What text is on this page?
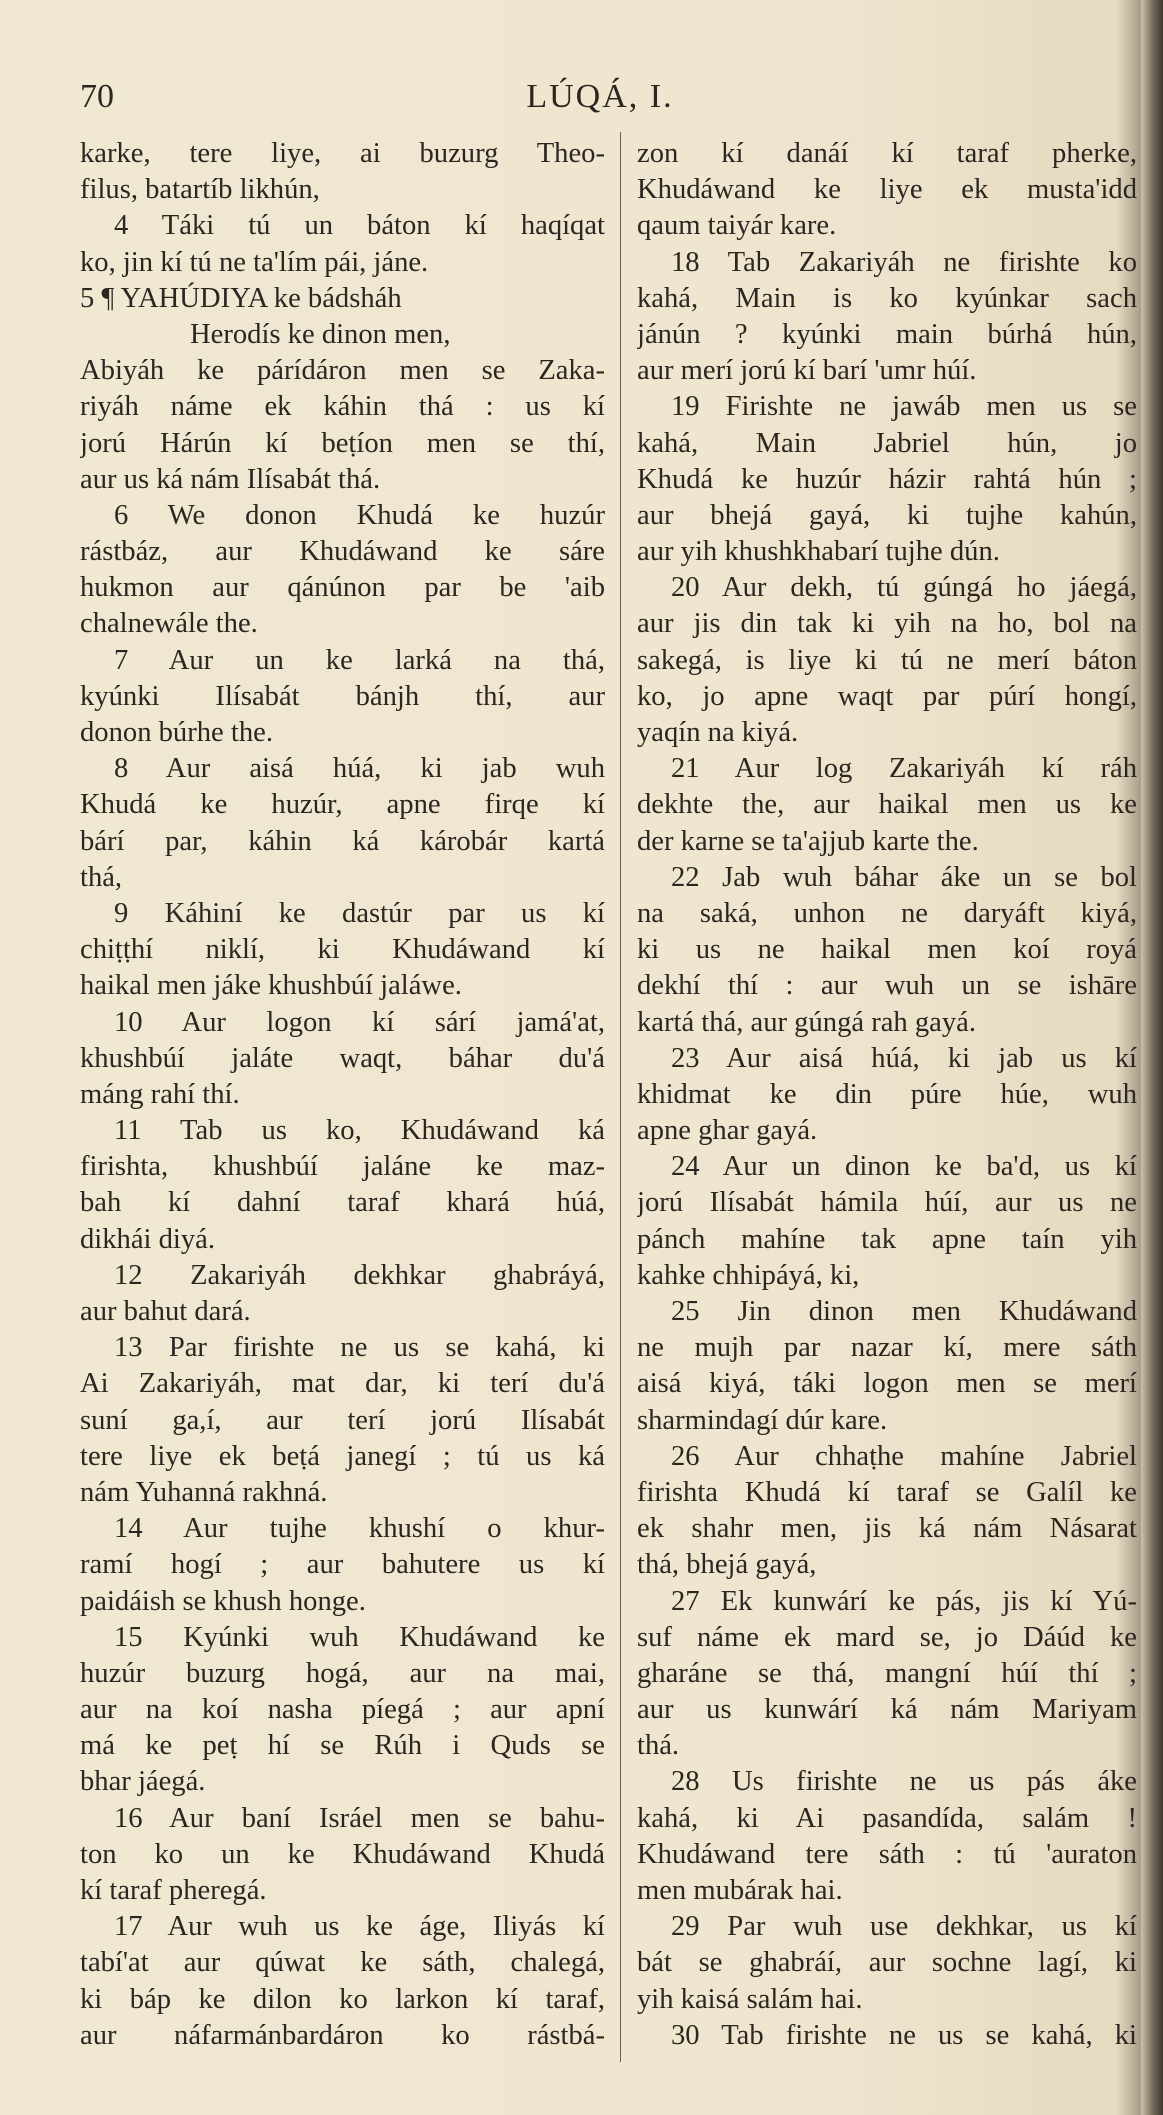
70	LÚQÁ, I.
karke, tere liye, ai buzurg Theo-
filus, batartíb likhún,
4 Táki tú un báton kí haqíqat
ko, jin kí tú ne ta'lím pái, jáne.
5 ¶ YAHÚDIYA ke bádsháh
Herodís ke dinon men,
Abiyáh ke párídáron men se Zaka-
riyáh náme ek káhin thá : us kí
jorú Hárún kí beṭíon men se thí,
aur us ká nám Ilísabát thá.
6 We donon Khudá ke huzúr
rástbáz, aur Khudáwand ke sáre
hukmon aur qánúnon par be 'aib
chalnewále the.
7 Aur un ke larká na thá,
kyúnki Ilísabát bánjh thí, aur
donon búrhe the.
8 Aur aisá húá, ki jab wuh
Khudá ke huzúr, apne firqe kí
bárí par, káhin ká károbár kartá
thá,
9 Káhiní ke dastúr par us kí
chiṭṭhí niklí, ki Khudáwand kí
haikal men jáke khushbúí jaláwe.
10 Aur logon kí sárí jamá'at,
khushbúí jaláte waqt, báhar du'á
máng rahí thí.
11 Tab us ko, Khudáwand ká
firishta, khushbúí jaláne ke maz-
bah kí dahní taraf khará húá,
dikhái diyá.
12 Zakariyáh dekhkar ghabráyá,
aur bahut dará.
13 Par firishte ne us se kahá, ki
Ai Zakariyáh, mat dar, ki terí du'á
suní ga,í, aur terí jorú Ilísabát
tere liye ek beṭá janegí ; tú us ká
nám Yuhanná rakhná.
14 Aur tujhe khushí o khur-
ramí hogí ; aur bahutere us kí
paidáish se khush honge.
15 Kyúnki wuh Khudáwand ke
huzúr buzurg hogá, aur na mai,
aur na koí nasha píegá ; aur apní
má ke peṭ hí se Rúh i Quds se
bhar jáegá.
16 Aur baní Isráel men se bahu-
ton ko un ke Khudáwand Khudá
kí taraf pheregá.
17 Aur wuh us ke áge, Iliyás kí
tabí'at aur qúwat ke sáth, chalegá,
ki báp ke dilon ko larkon kí taraf,
aur náfarmánbardáron ko rástbá-
zon kí danáí kí taraf pherke,
Khudáwand ke liye ek musta'idd
qaum taiyár kare.
18 Tab Zakariyáh ne firishte ko
kahá, Main is ko kyúnkar sach
jánún ? kyúnki main búrhá hún,
aur merí jorú kí barí 'umr húí.
19 Firishte ne jawáb men us se
kahá, Main Jabriel hún, jo
Khudá ke huzúr házir rahtá hún ;
aur bhejá gayá, ki tujhe kahún,
aur yih khushkhabarí tujhe dún.
20 Aur dekh, tú gúngá ho jáegá,
aur jis din tak ki yih na ho, bol na
sakegá, is liye ki tú ne merí báton
ko, jo apne waqt par púrí hongí,
yaqín na kiyá.
21 Aur log Zakariyáh kí ráh
dekhte the, aur haikal men us ke
der karne se ta'ajjub karte the.
22 Jab wuh báhar áke un se bol
na saká, unhon ne daryáft kiyá,
ki us ne haikal men koí royá
dekhí thí : aur wuh un se ishāre
kartá thá, aur gúngá rah gayá.
23 Aur aisá húá, ki jab us kí
khidmat ke din púre húe, wuh
apne ghar gayá.
24 Aur un dinon ke ba'd, us kí
jorú Ilísabát hámila húí, aur us ne
pánch mahíne tak apne taín yih
kahke chhipáyá, ki,
25 Jin dinon men Khudáwand
ne mujh par nazar kí, mere sáth
aisá kiyá, táki logon men se merí
sharmindagí dúr kare.
26 Aur chhaṭhe mahíne Jabriel
firishta Khudá kí taraf se Galíl ke
ek shahr men, jis ká nám Násarat
thá, bhejá gayá,
27 Ek kunwárí ke pás, jis kí Yú-
suf náme ek mard se, jo Dáúd ke
gharáne se thá, mangní húí thí ;
aur us kunwárí ká nám Mariyam
thá.
28 Us firishte ne us pás áke
kahá, ki Ai pasandída, salám !
Khudáwand tere sáth : tú 'auraton
men mubárak hai.
29 Par wuh use dekhkar, us kí
bát se ghabráí, aur sochne lagí, ki
yih kaisá salám hai.
30 Tab firishte ne us se kahá, ki
